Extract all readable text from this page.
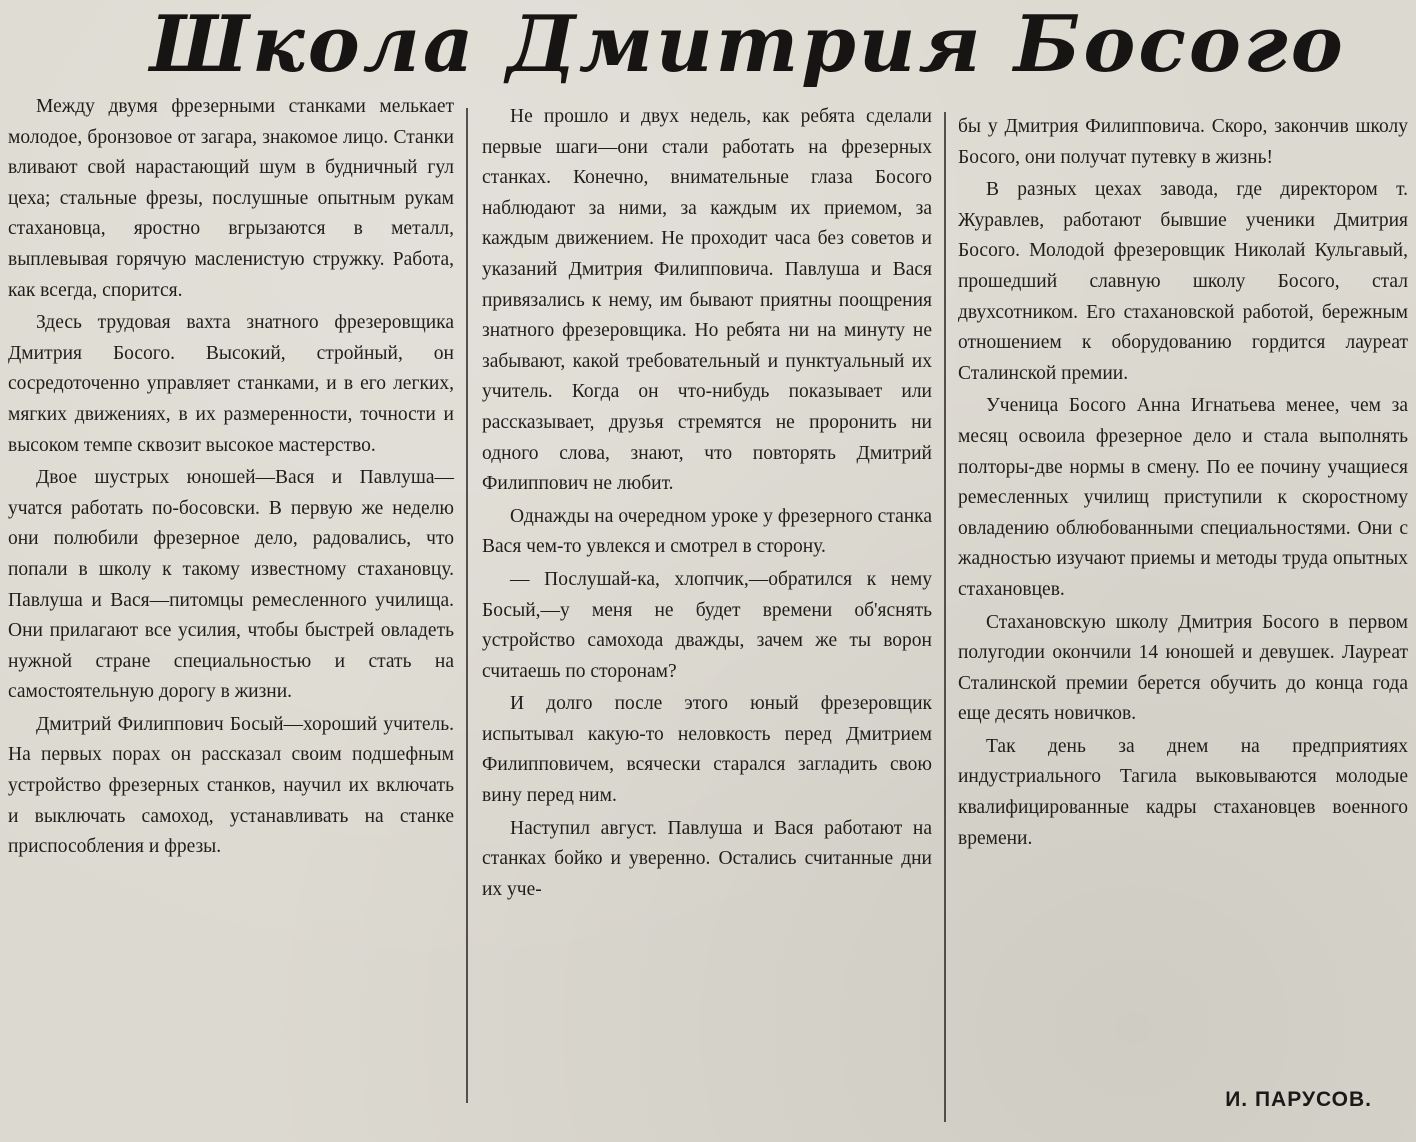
Школа Дмитрия Босого

Между двумя фрезерными станками мелькает молодое, бронзовое от загара, знакомое лицо. Станки вливают свой нарастающий шум в будничный гул цеха; стальные фрезы, послушные опытным рукам стахановца, яростно вгрызаются в металл, выплевывая горячую масленистую стружку. Работа, как всегда, спорится.

Здесь трудовая вахта знатного фрезеровщика Дмитрия Босого. Высокий, стройный, он сосредоточенно управляет станками, и в его легких, мягких движениях, в их размеренности, точности и высоком темпе сквозит высокое мастерство.

Двое шустрых юношей—Вася и Павлуша—учатся работать по-босовски. В первую же неделю они полюбили фрезерное дело, радовались, что попали в школу к такому известному стахановцу. Павлуша и Вася—питомцы ремесленного училища. Они прилагают все усилия, чтобы быстрей овладеть нужной стране специальностью и стать на самостоятельную дорогу в жизни.

Дмитрий Филиппович Босый—хороший учитель. На первых порах он рассказал своим подшефным устройство фрезерных станков, научил их включать и выключать самоход, устанавливать на станке приспособления и фрезы.

Не прошло и двух недель, как ребята сделали первые шаги—они стали работать на фрезерных станках. Конечно, внимательные глаза Босого наблюдают за ними, за каждым их приемом, за каждым движением. Не проходит часа без советов и указаний Дмитрия Филипповича. Павлуша и Вася привязались к нему, им бывают приятны поощрения знатного фрезеровщика. Но ребята ни на минуту не забывают, какой требовательный и пунктуальный их учитель. Когда он что-нибудь показывает или рассказывает, друзья стремятся не проронить ни одного слова, знают, что повторять Дмитрий Филиппович не любит.

Однажды на очередном уроке у фрезерного станка Вася чем-то увлекся и смотрел в сторону.

— Послушай-ка, хлопчик,—обратился к нему Босый,—у меня не будет времени об'яснять устройство самохода дважды, зачем же ты ворон считаешь по сторонам?

И долго после этого юный фрезеровщик испытывал какую-то неловкость перед Дмитрием Филипповичем, всячески старался загладить свою вину перед ним.

Наступил август. Павлуша и Вася работают на станках бойко и уверенно. Остались считанные дни их уче-

бы у Дмитрия Филипповича. Скоро, закончив школу Босого, они получат путевку в жизнь!

В разных цехах завода, где директором т. Журавлев, работают бывшие ученики Дмитрия Босого. Молодой фрезеровщик Николай Кульгавый, прошедший славную школу Босого, стал двухсотником. Его стахановской работой, бережным отношением к оборудованию гордится лауреат Сталинской премии.

Ученица Босого Анна Игнатьева менее, чем за месяц освоила фрезерное дело и стала выполнять полторы-две нормы в смену. По ее почину учащиеся ремесленных училищ приступили к скоростному овладению облюбованными специальностями. Они с жадностью изучают приемы и методы труда опытных стахановцев.

Стахановскую школу Дмитрия Босого в первом полугодии окончили 14 юношей и девушек. Лауреат Сталинской премии берется обучить до конца года еще десять новичков.

Так день за днем на предприятиях индустриального Тагила выковываются молодые квалифицированные кадры стахановцев военного времени.

И. ПАРУСОВ.
